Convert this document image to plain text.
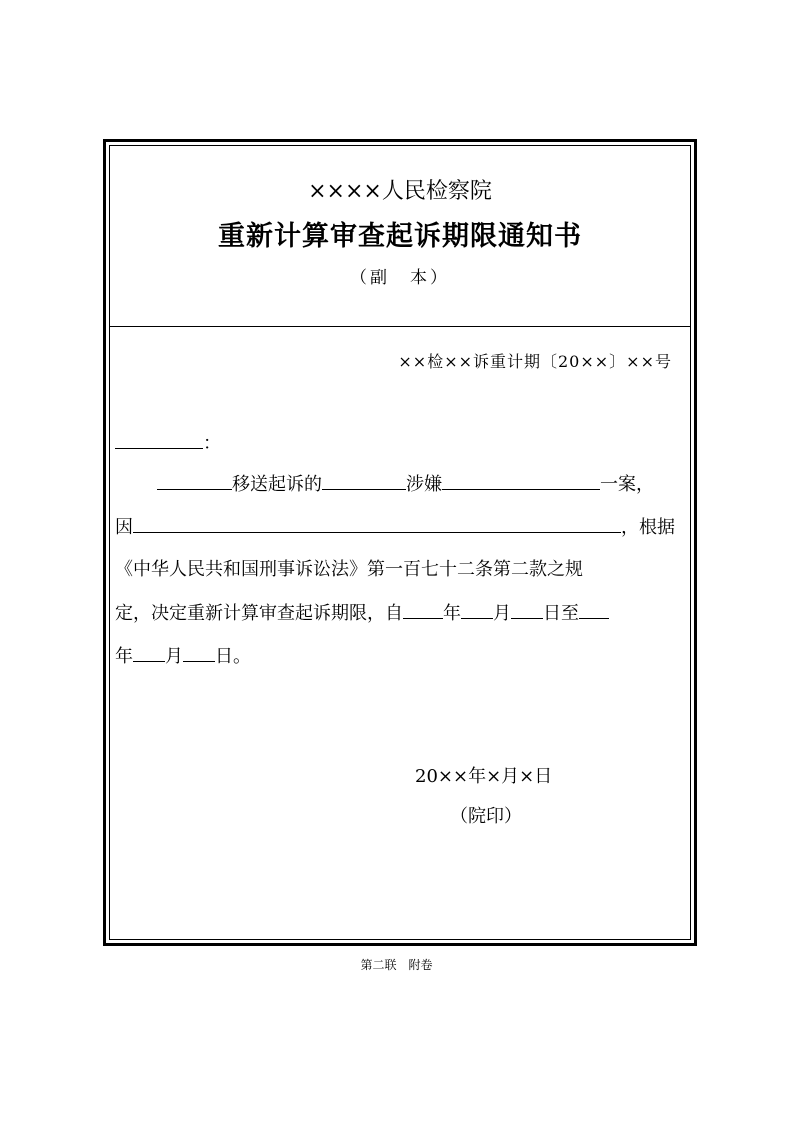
××××人民检察院
重新计算审查起诉期限通知书
（副　本）
××检××诉重计期〔20××〕××号
：
移送起诉的	涉嫌	一案，
因	，根据
《中华人民共和国刑事诉讼法》第一百七十二条第二款之规
定，决定重新计算审查起诉期限，自 年 月 日至
年 月 日。
20××年×月×日
（院印）
第二联　附卷
